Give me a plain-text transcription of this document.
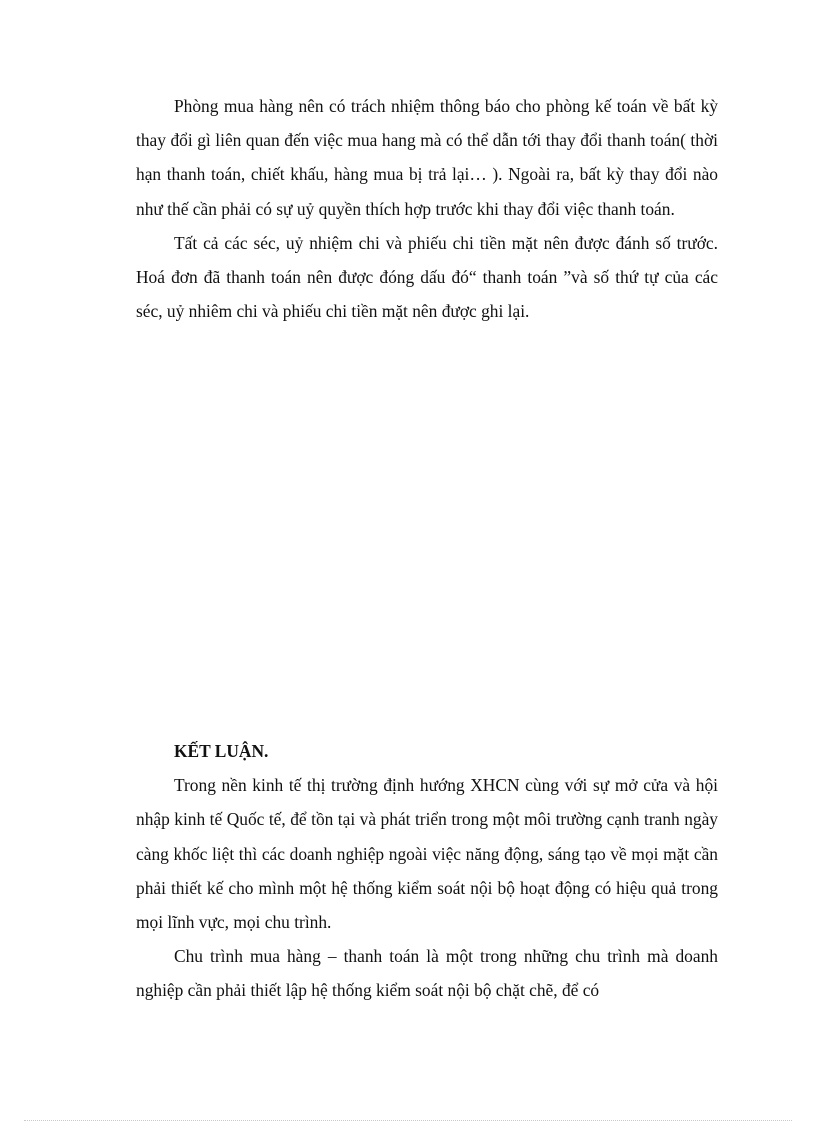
Phòng mua hàng nên có trách nhiệm thông báo cho phòng kế toán về bất kỳ thay đổi gì liên quan đến việc mua hang mà có thể dẫn tới thay đổi thanh toán( thời hạn thanh toán, chiết khấu, hàng mua bị trả lại… ). Ngoài ra, bất kỳ thay đổi nào như thế cần phải có sự uỷ quyền thích hợp trước khi thay đổi việc thanh toán.

Tất cả các séc, uỷ nhiệm chi và phiếu chi tiền mặt nên được đánh số trước. Hoá đơn đã thanh toán nên được đóng dấu đó“ thanh toán ”và số thứ tự của các séc, uỷ nhiêm chi và phiếu chi tiền mặt nên được ghi lại.

KẾT LUẬN.

Trong nền kinh tế thị trường định hướng XHCN cùng với sự mở cửa và hội nhập kinh tế Quốc tế, để tồn tại và phát triển trong một môi trường cạnh tranh ngày càng khốc liệt thì các doanh nghiệp ngoài việc năng động, sáng tạo về mọi mặt cần phải thiết kế cho mình một hệ thống kiểm soát nội bộ hoạt động có hiệu quả trong mọi lĩnh vực, mọi chu trình.

Chu trình mua hàng – thanh toán là một trong những chu trình mà doanh nghiệp cần phải thiết lập hệ thống kiểm soát nội bộ chặt chẽ, để có
